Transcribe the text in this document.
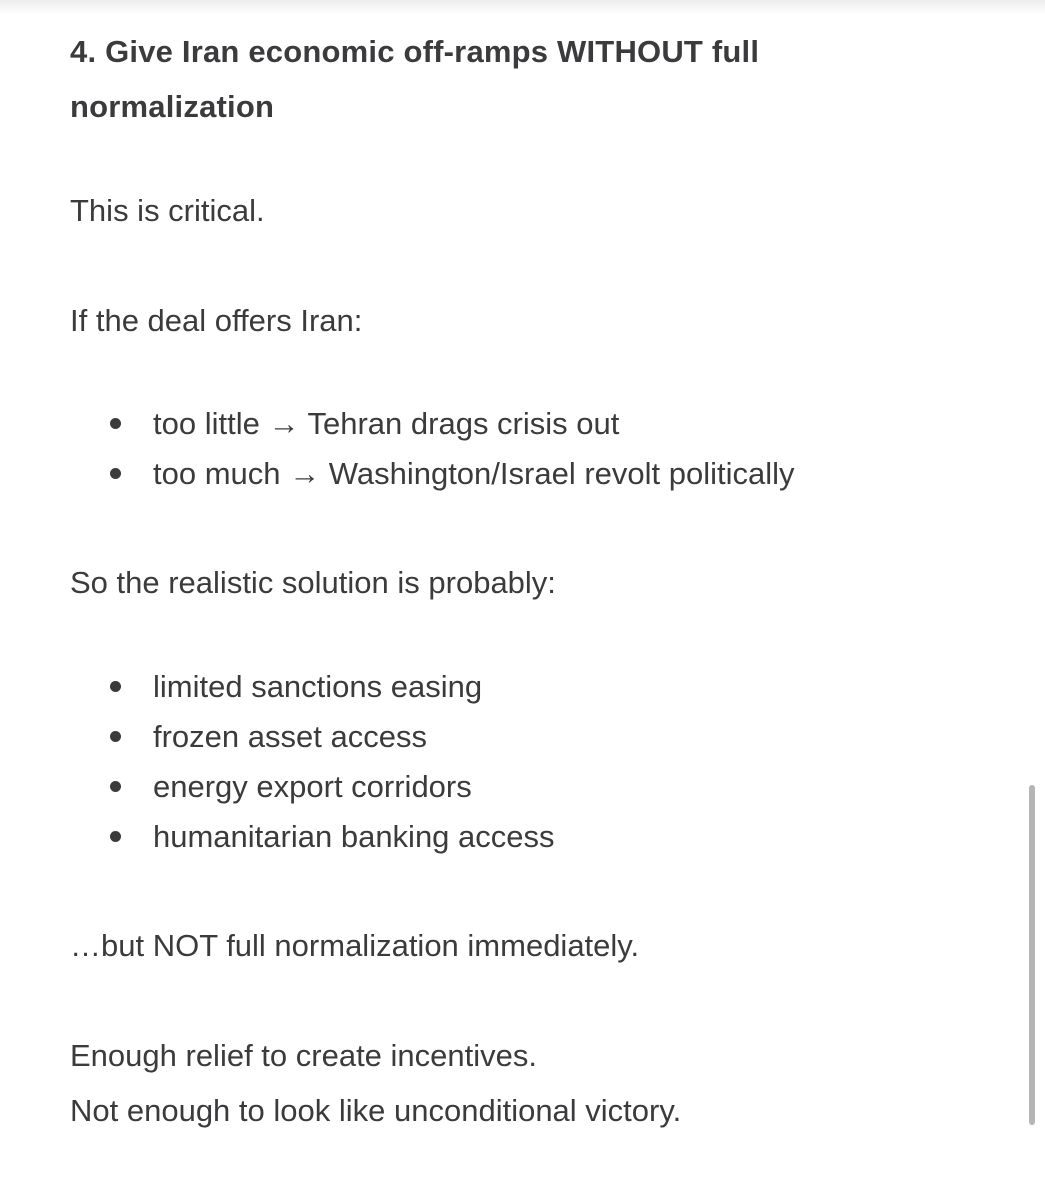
4. Give Iran economic off-ramps WITHOUT full normalization

This is critical.

If the deal offers Iran:

too little → Tehran drags crisis out
too much → Washington/Israel revolt politically

So the realistic solution is probably:

limited sanctions easing
frozen asset access
energy export corridors
humanitarian banking access

…but NOT full normalization immediately.

Enough relief to create incentives.

Not enough to look like unconditional victory.
